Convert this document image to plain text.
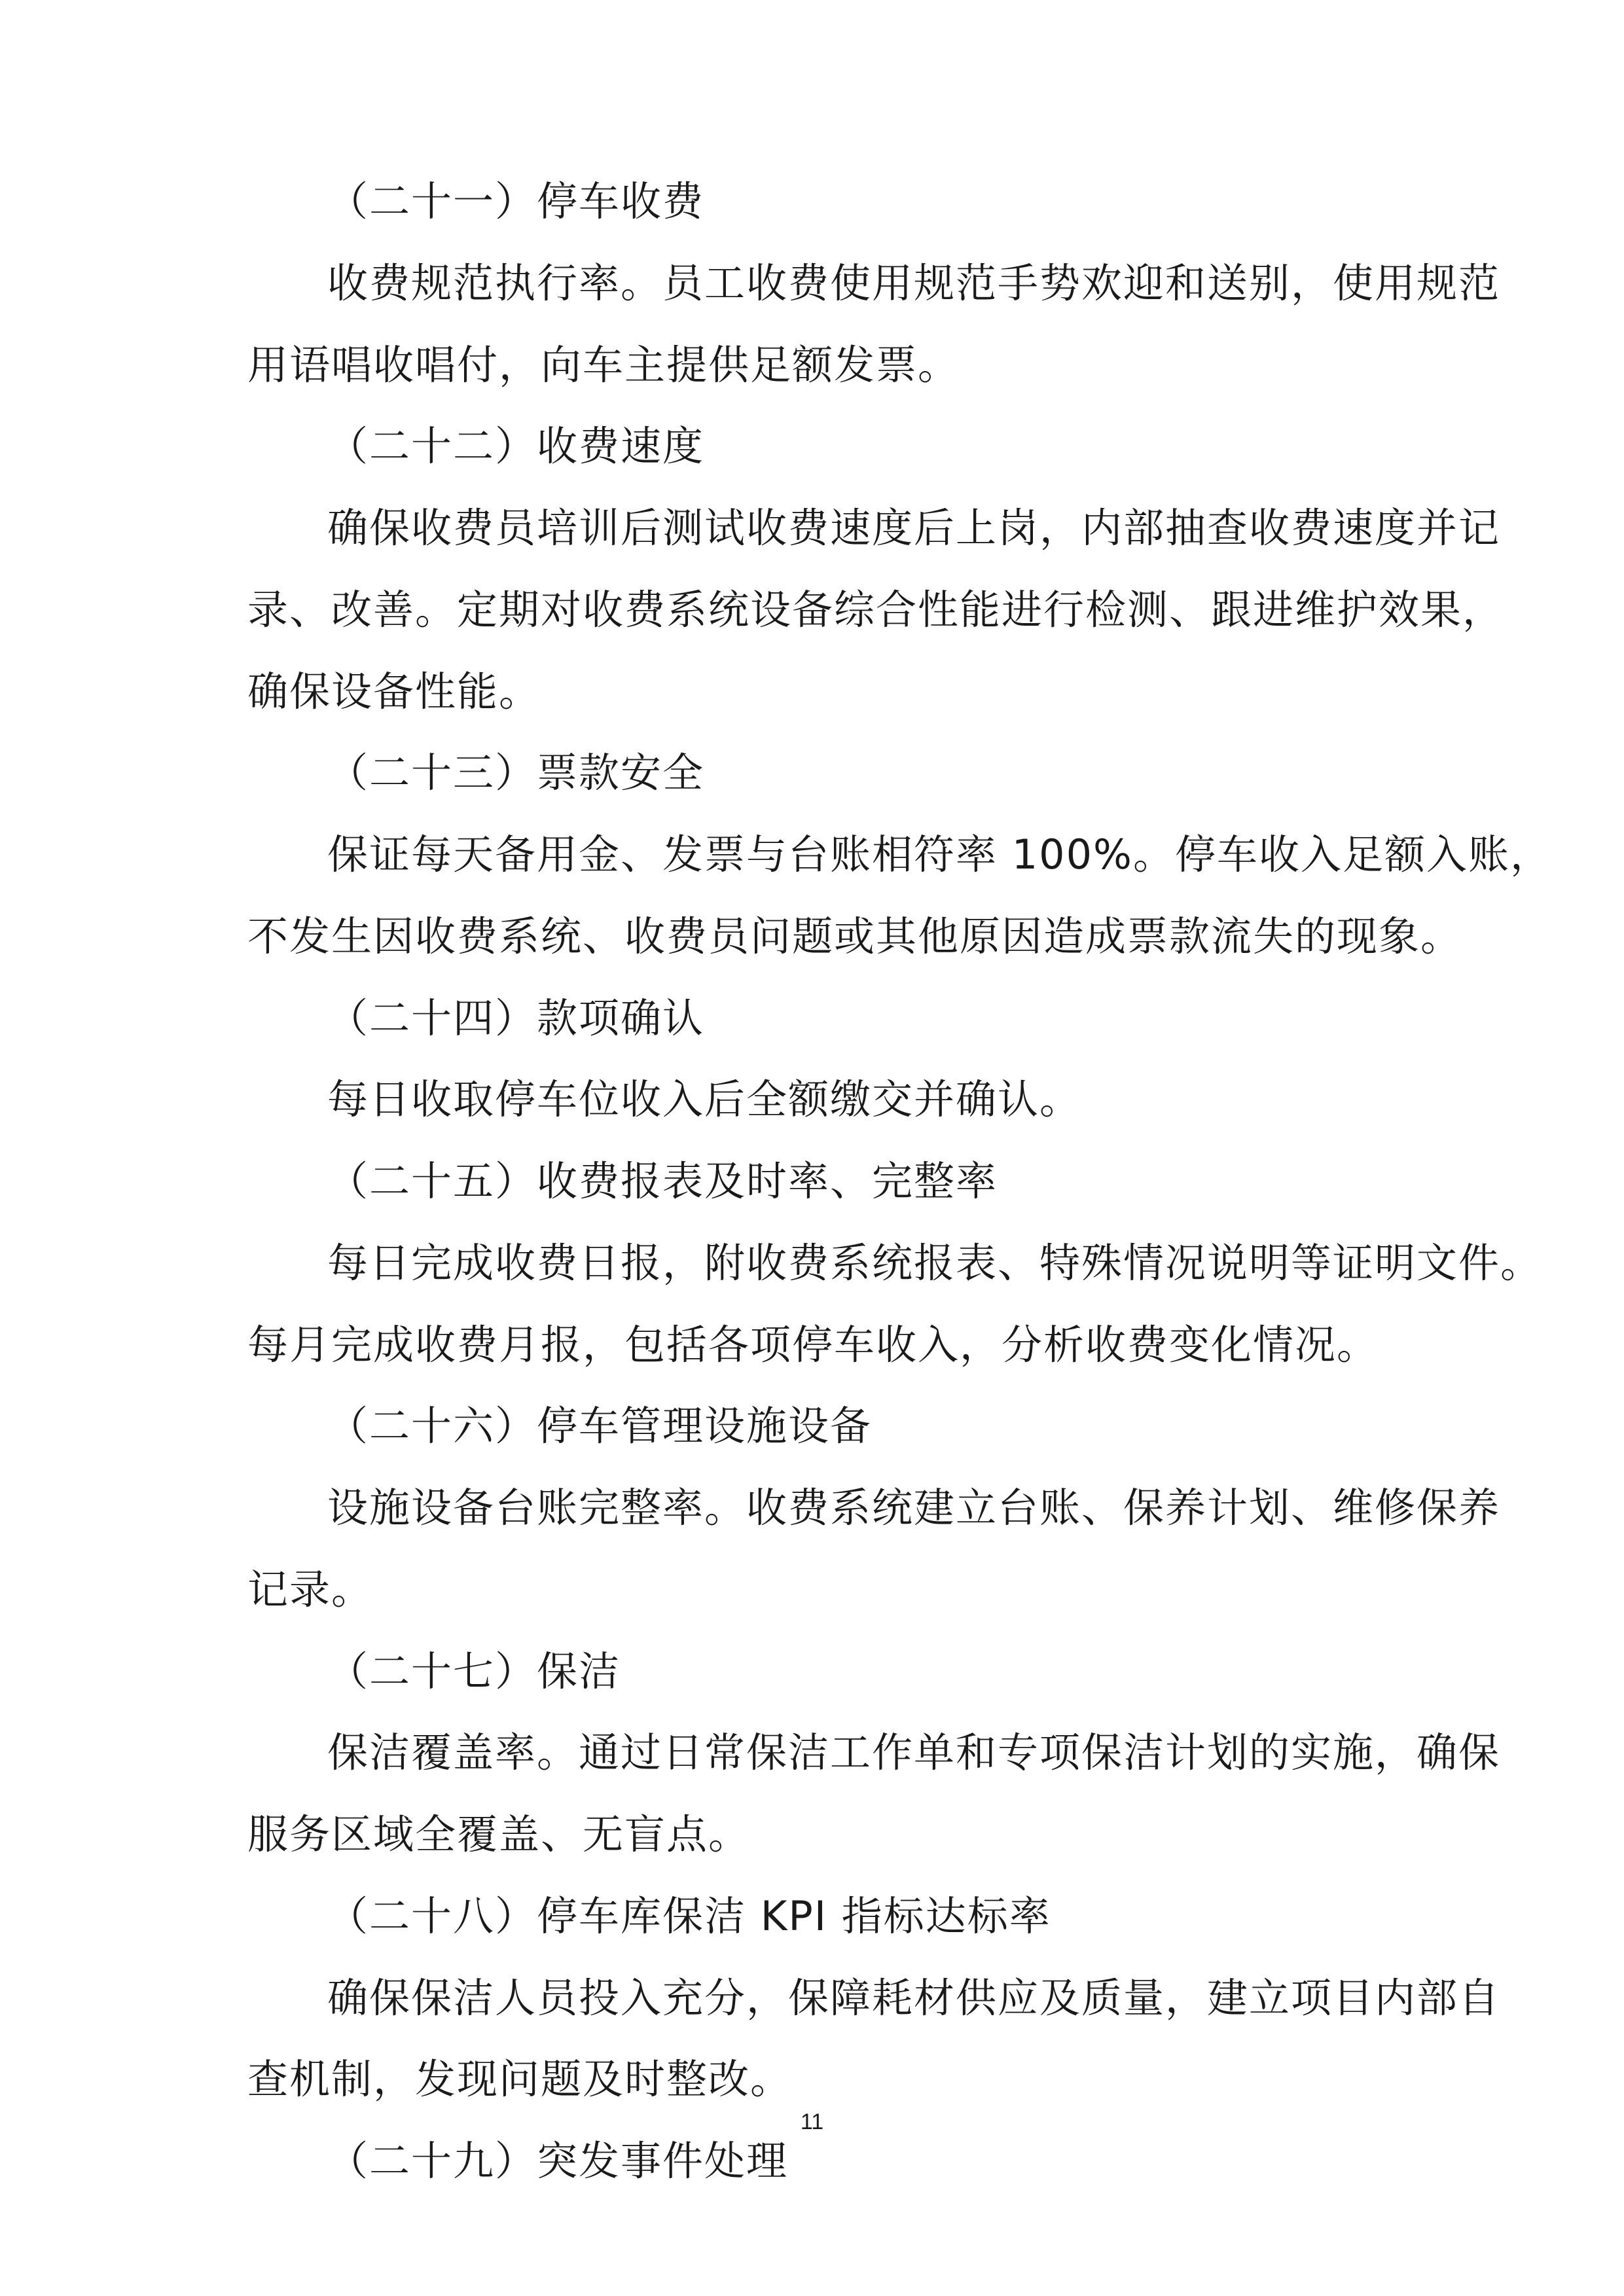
（二十一）停车收费
收费规范执行率。员工收费使用规范手势欢迎和送别，使用规范
用语唱收唱付，向车主提供足额发票。
（二十二）收费速度
确保收费员培训后测试收费速度后上岗，内部抽查收费速度并记
录、改善。定期对收费系统设备综合性能进行检测、跟进维护效果，
确保设备性能。
（二十三）票款安全
保证每天备用金、发票与台账相符率 100%。停车收入足额入账，
不发生因收费系统、收费员问题或其他原因造成票款流失的现象。
（二十四）款项确认
每日收取停车位收入后全额缴交并确认。
（二十五）收费报表及时率、完整率
每日完成收费日报，附收费系统报表、特殊情况说明等证明文件。
每月完成收费月报，包括各项停车收入，分析收费变化情况。
（二十六）停车管理设施设备
设施设备台账完整率。收费系统建立台账、保养计划、维修保养
记录。
（二十七）保洁
保洁覆盖率。通过日常保洁工作单和专项保洁计划的实施，确保
服务区域全覆盖、无盲点。
（二十八）停车库保洁 KPI 指标达标率
确保保洁人员投入充分，保障耗材供应及质量，建立项目内部自
查机制，发现问题及时整改。
（二十九）突发事件处理
11
